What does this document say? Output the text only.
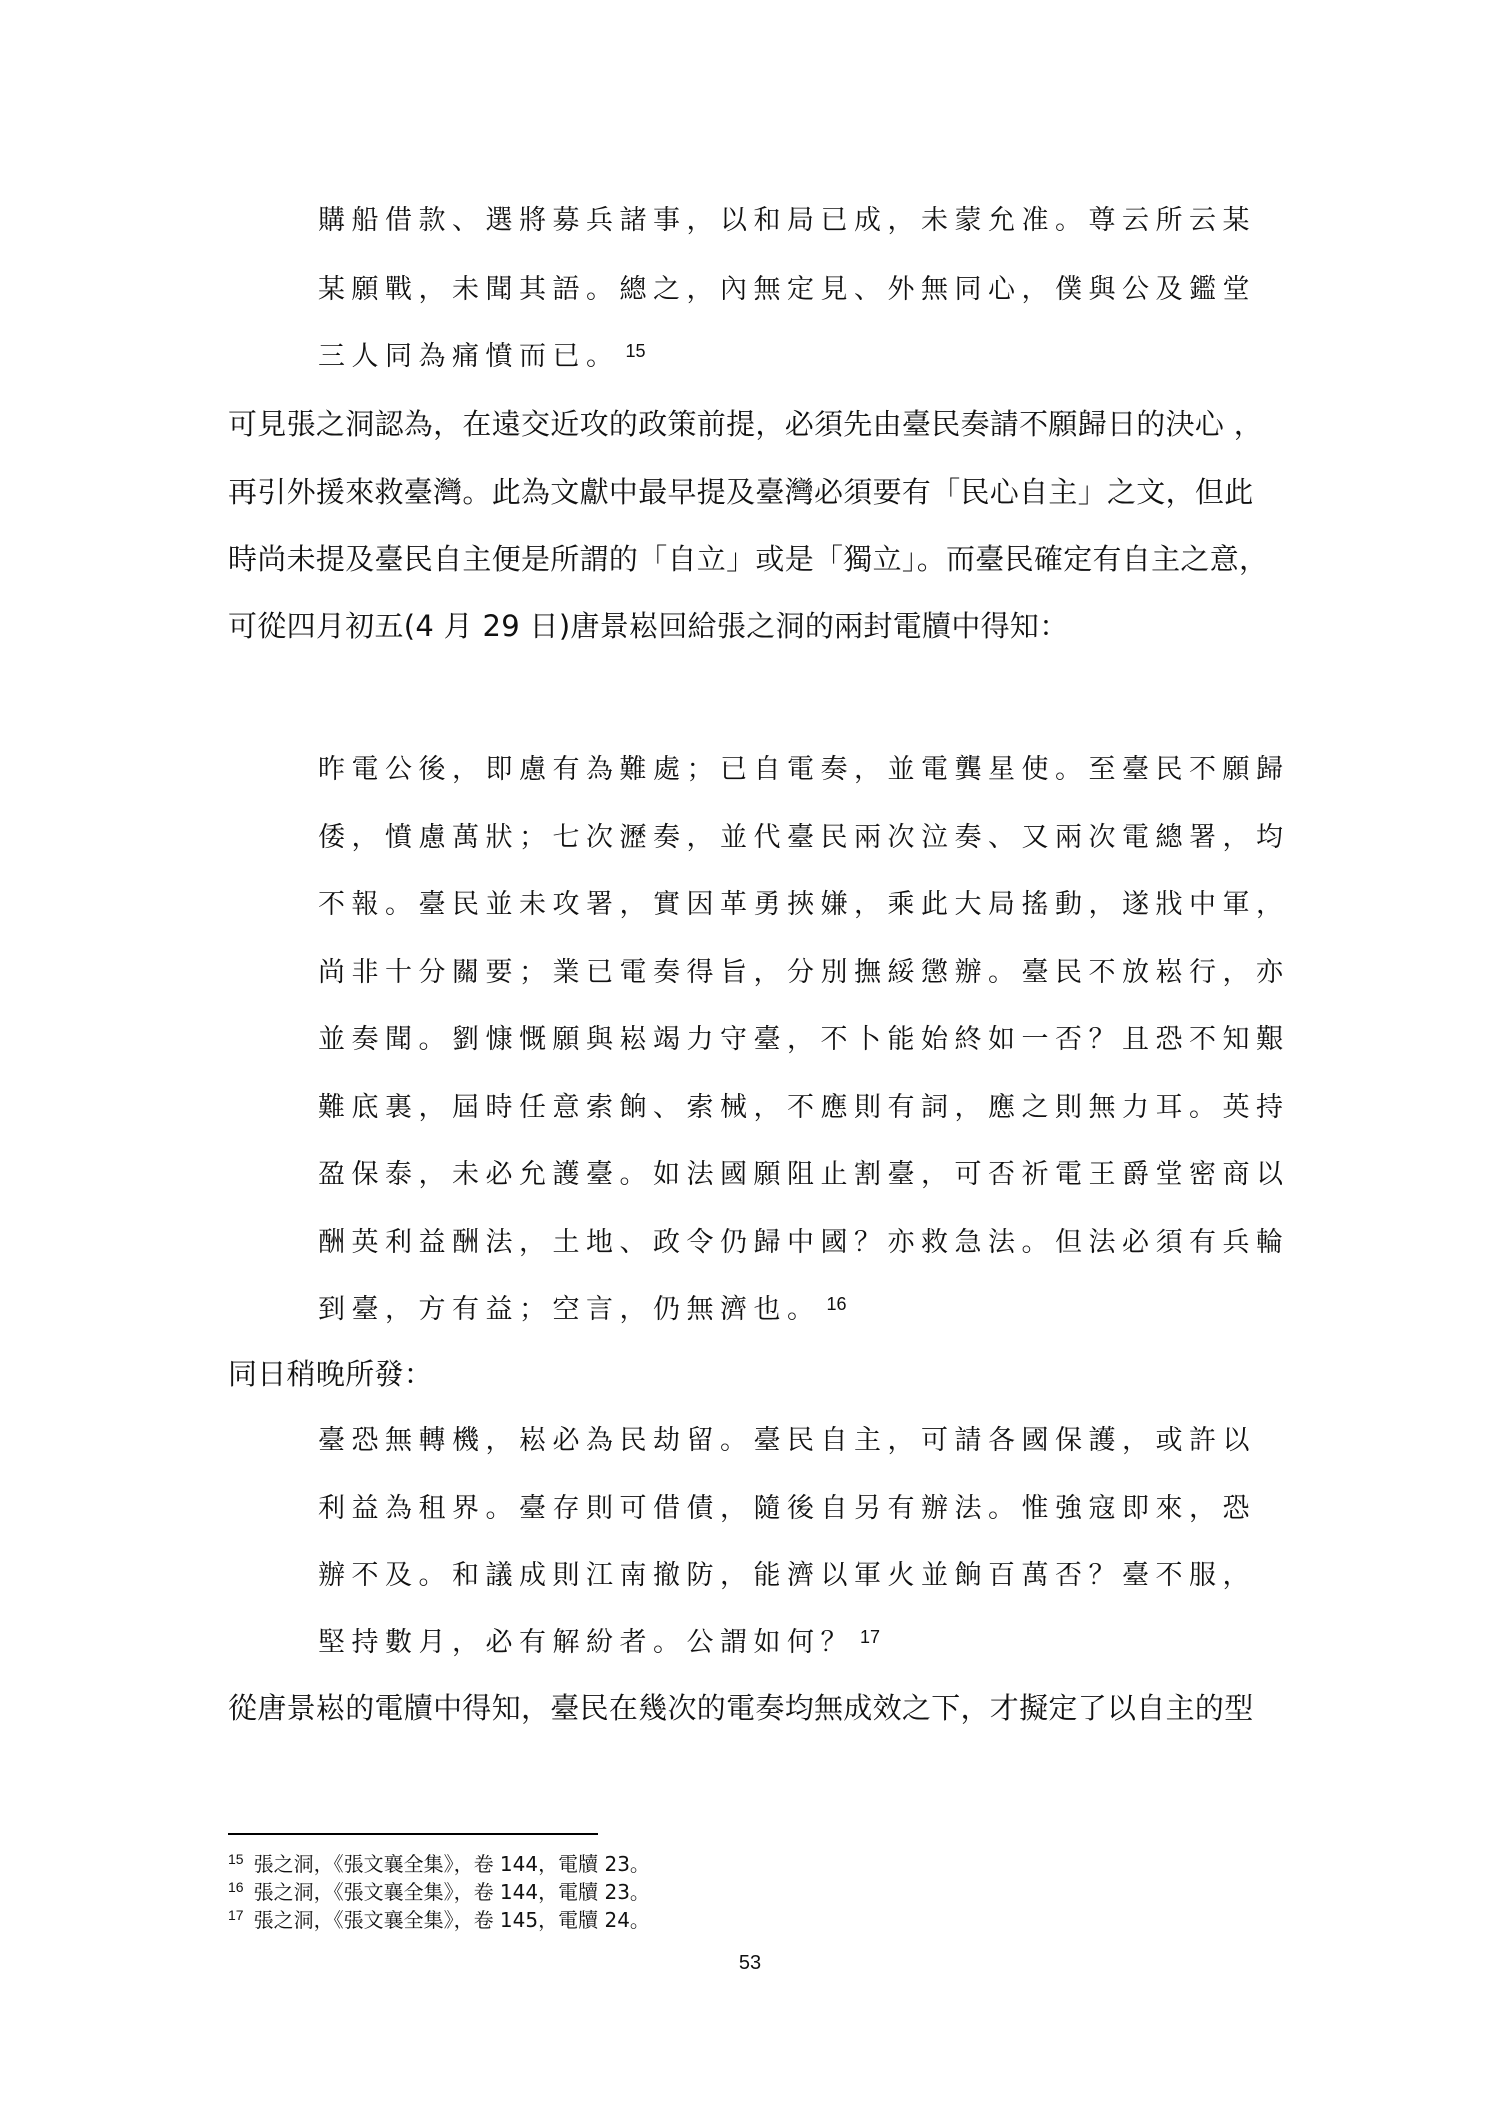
購船借款、選將募兵諸事，以和局已成，未蒙允准。尊云所云某
某願戰，未聞其語。總之，內無定見、外無同心，僕與公及鑑堂
三人同為痛憤而已。 $^{15}$
可見張之洞認為，在遠交近攻的政策前提，必須先由臺民奏請不願歸日的決心 ，
再引外援來救臺灣。此為文獻中最早提及臺灣必須要有「民心自主」之文，但此
時尚未提及臺民自主便是所謂的「自立」或是「獨立」。而臺民確定有自主之意，
可從四月初五(4 月 29 日)唐景崧回給張之洞的兩封電牘中得知：
昨電公後，即慮有為難處；已自電奏，並電龔星使。至臺民不願歸
倭，憤慮萬狀；七次瀝奏，並代臺民兩次泣奏、又兩次電總署，均
不報。臺民並未攻署，實因革勇挾嫌，乘此大局搖動，遂戕中軍，
尚非十分關要；業已電奏得旨，分別撫綏懲辦。臺民不放崧行，亦
並奏聞。劉慷慨願與崧竭力守臺，不卜能始終如一否？且恐不知艱
難底裏，屆時任意索餉、索械，不應則有詞，應之則無力耳。英持
盈保泰，未必允護臺。如法國願阻止割臺，可否祈電王爵堂密商以
酬英利益酬法，土地、政令仍歸中國？亦救急法。但法必須有兵輪
到臺，方有益；空言，仍無濟也。 $^{16}$
同日稍晚所發：
臺恐無轉機，崧必為民劫留。臺民自主，可請各國保護，或許以
利益為租界。臺存則可借債，隨後自另有辦法。惟強寇即來，恐
辦不及。和議成則江南撤防，能濟以軍火並餉百萬否？臺不服，
堅持數月，必有解紛者。公謂如何？ $^{17}$
從唐景崧的電牘中得知，臺民在幾次的電奏均無成效之下，才擬定了以自主的型
$^{15}$ 張之洞，《張文襄全集》，卷 144，電牘 23。
$^{16}$ 張之洞，《張文襄全集》，卷 144，電牘 23。
$^{17}$ 張之洞，《張文襄全集》，卷 145，電牘 24。
53
